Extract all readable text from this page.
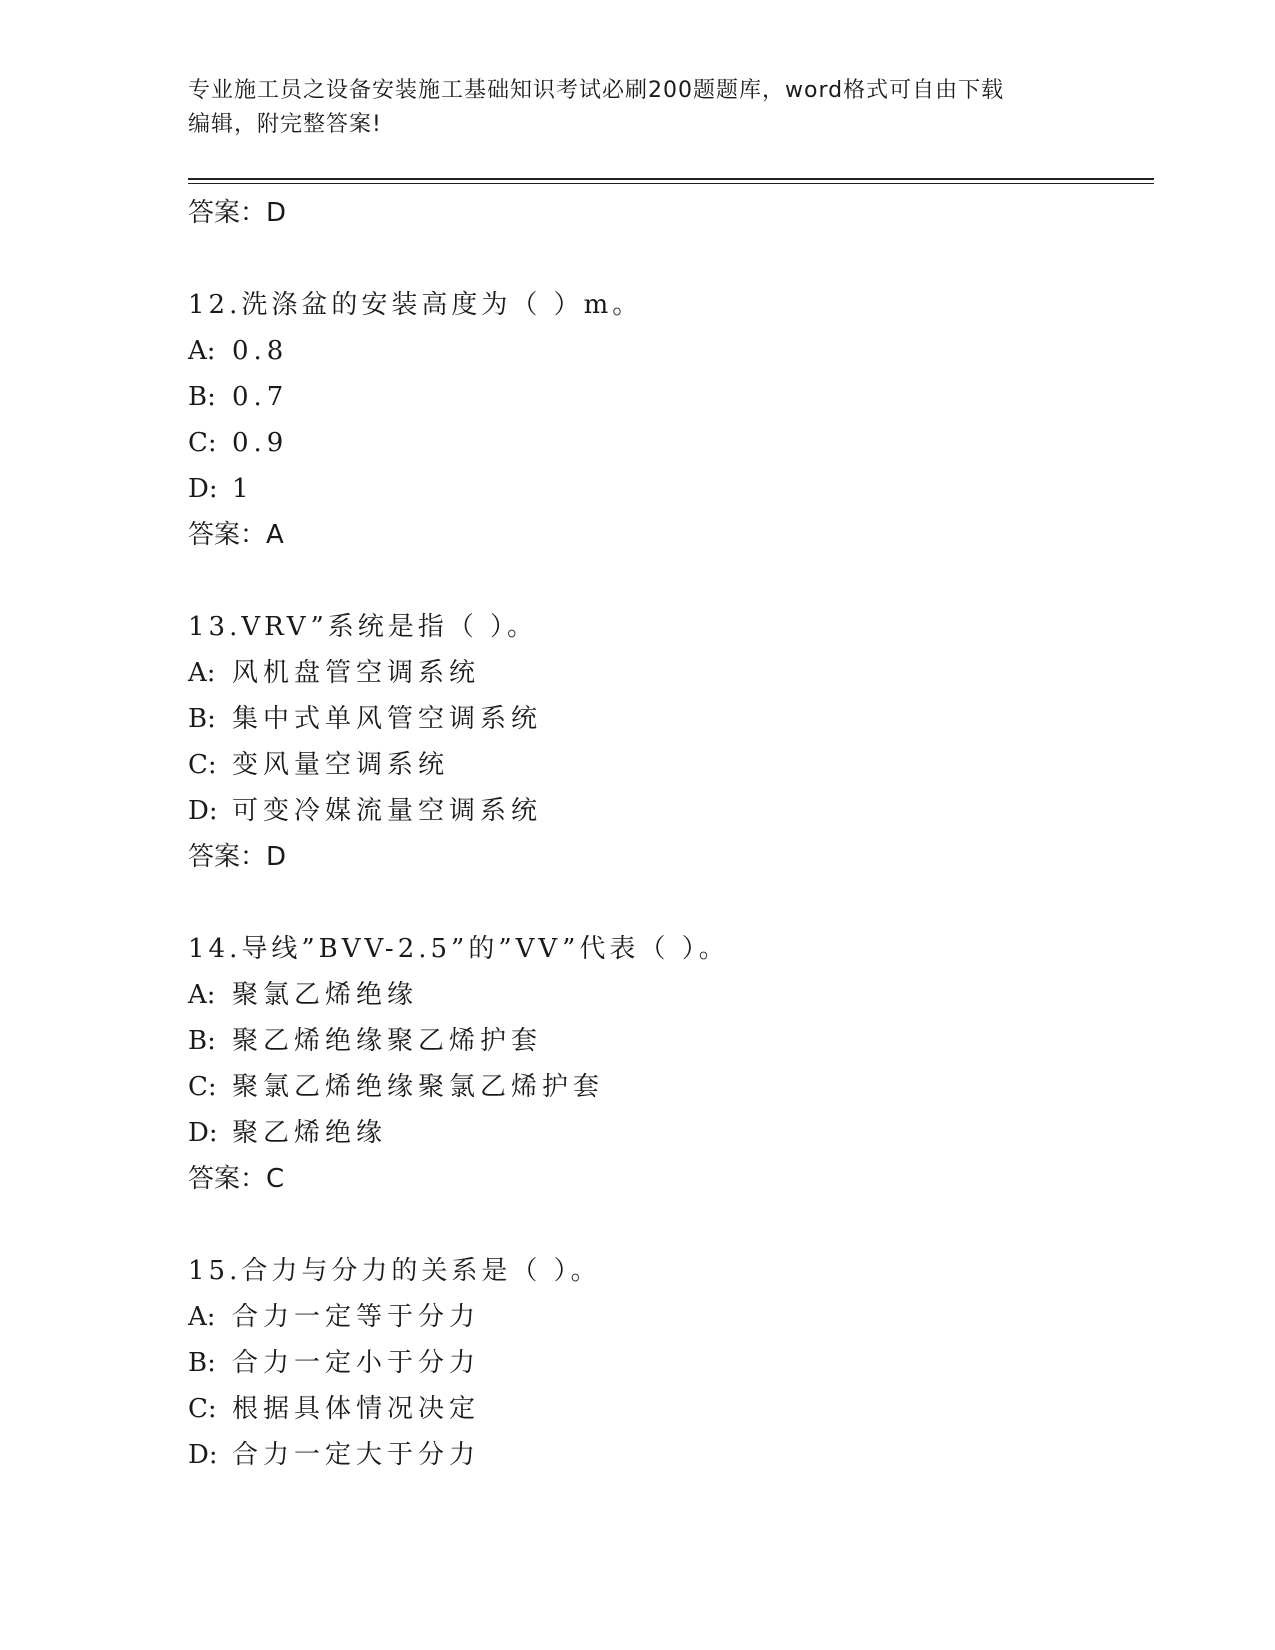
专业施工员之设备安装施工基础知识考试必刷200题题库，word格式可自由下载
编辑，附完整答案!
答案：D
12.洗涤盆的安装高度为（ ）m。
A: 0.8
B: 0.7
C: 0.9
D: 1
答案：A
13.VRV”系统是指（ ）。
A: 风机盘管空调系统
B: 集中式单风管空调系统
C: 变风量空调系统
D: 可变冷媒流量空调系统
答案：D
14.导线”BVV-2.5”的”VV”代表（ ）。
A: 聚氯乙烯绝缘
B: 聚乙烯绝缘聚乙烯护套
C: 聚氯乙烯绝缘聚氯乙烯护套
D: 聚乙烯绝缘
答案：C
15.合力与分力的关系是（ ）。
A: 合力一定等于分力
B: 合力一定小于分力
C: 根据具体情况决定
D: 合力一定大于分力
